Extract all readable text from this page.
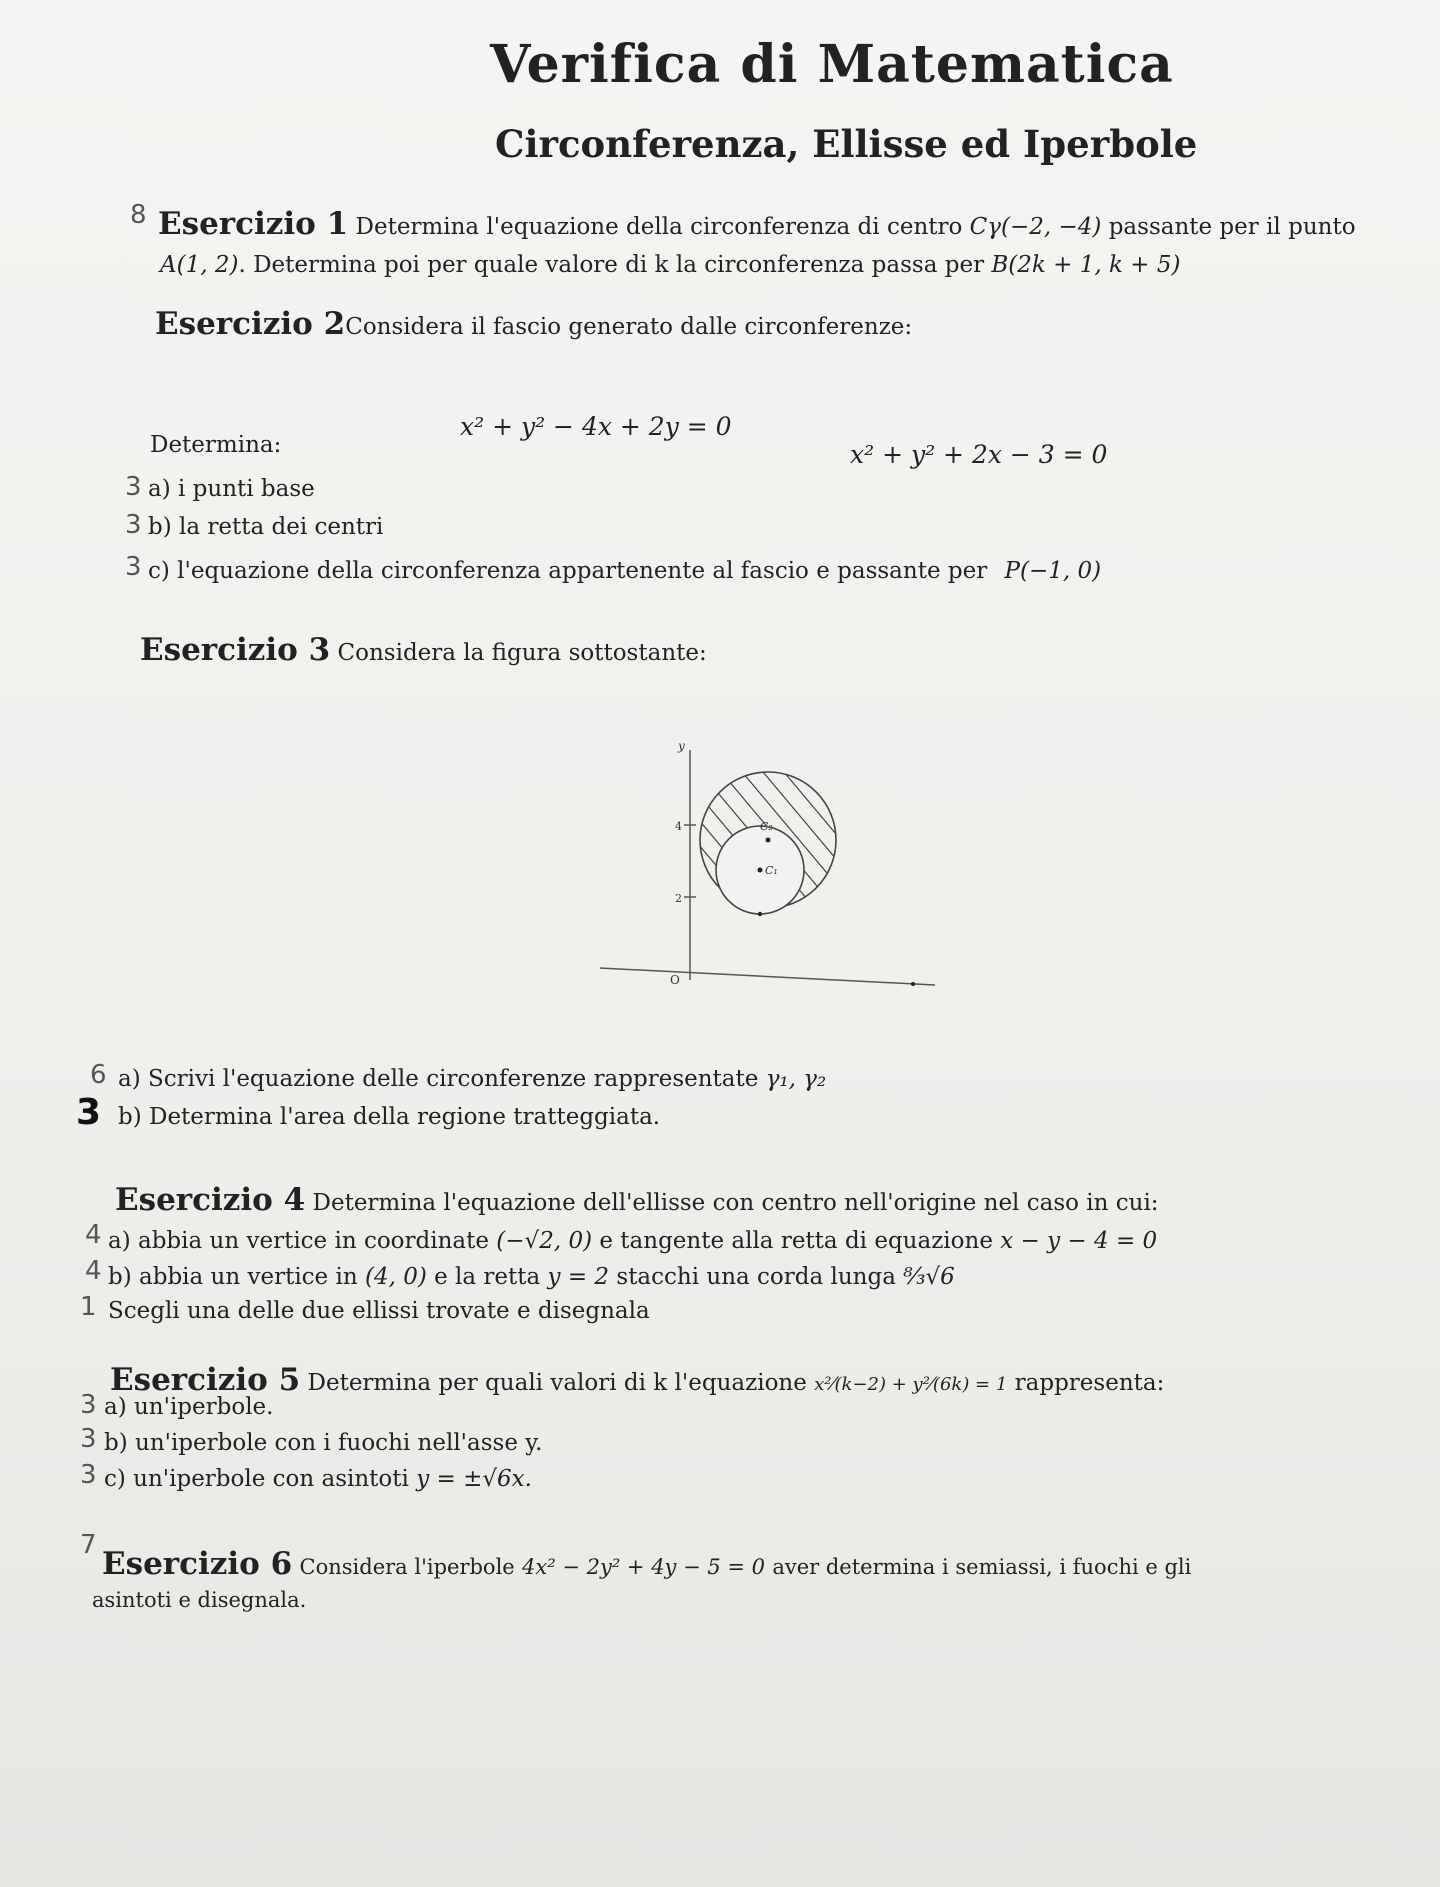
Verifica di Matematica
Circonferenza, Ellisse ed Iperbole
8 Esercizio 1 Determina l'equazione della circonferenza di centro Cγ(−2, −4) passante per il punto
A(1, 2). Determina poi per quale valore di k la circonferenza passa per B(2k + 1, k + 5)
Esercizio 2Considera il fascio generato dalle circonferenze:
x² + y² − 4x + 2y = 0
x² + y² + 2x − 3 = 0
Determina:
3 a) i punti base
3 b) la retta dei centri
3 c) l'equazione della circonferenza appartenente al fascio e passante per P(−1, 0)
Esercizio 3 Considera la figura sottostante:
y
4
2
O
C₂
C₁
6 a) Scrivi l'equazione delle circonferenze rappresentate γ₁, γ₂
3 b) Determina l'area della regione tratteggiata.
Esercizio 4 Determina l'equazione dell'ellisse con centro nell'origine nel caso in cui:
4 a) abbia un vertice in coordinate (−√2, 0) e tangente alla retta di equazione x − y − 4 = 0
4 b) abbia un vertice in (4, 0) e la retta y = 2 stacchi una corda lunga ⁸⁄₃√6
1 Scegli una delle due ellissi trovate e disegnala
Esercizio 5 Determina per quali valori di k l'equazione x²⁄(k−2) + y²⁄(6k) = 1 rappresenta:
3 a) un'iperbole.
3 b) un'iperbole con i fuochi nell'asse y.
3 c) un'iperbole con asintoti y = ±√6x.
7
Esercizio 6 Considera l'iperbole 4x² − 2y² + 4y − 5 = 0 aver determina i semiassi, i fuochi e gli
asintoti e disegnala.
